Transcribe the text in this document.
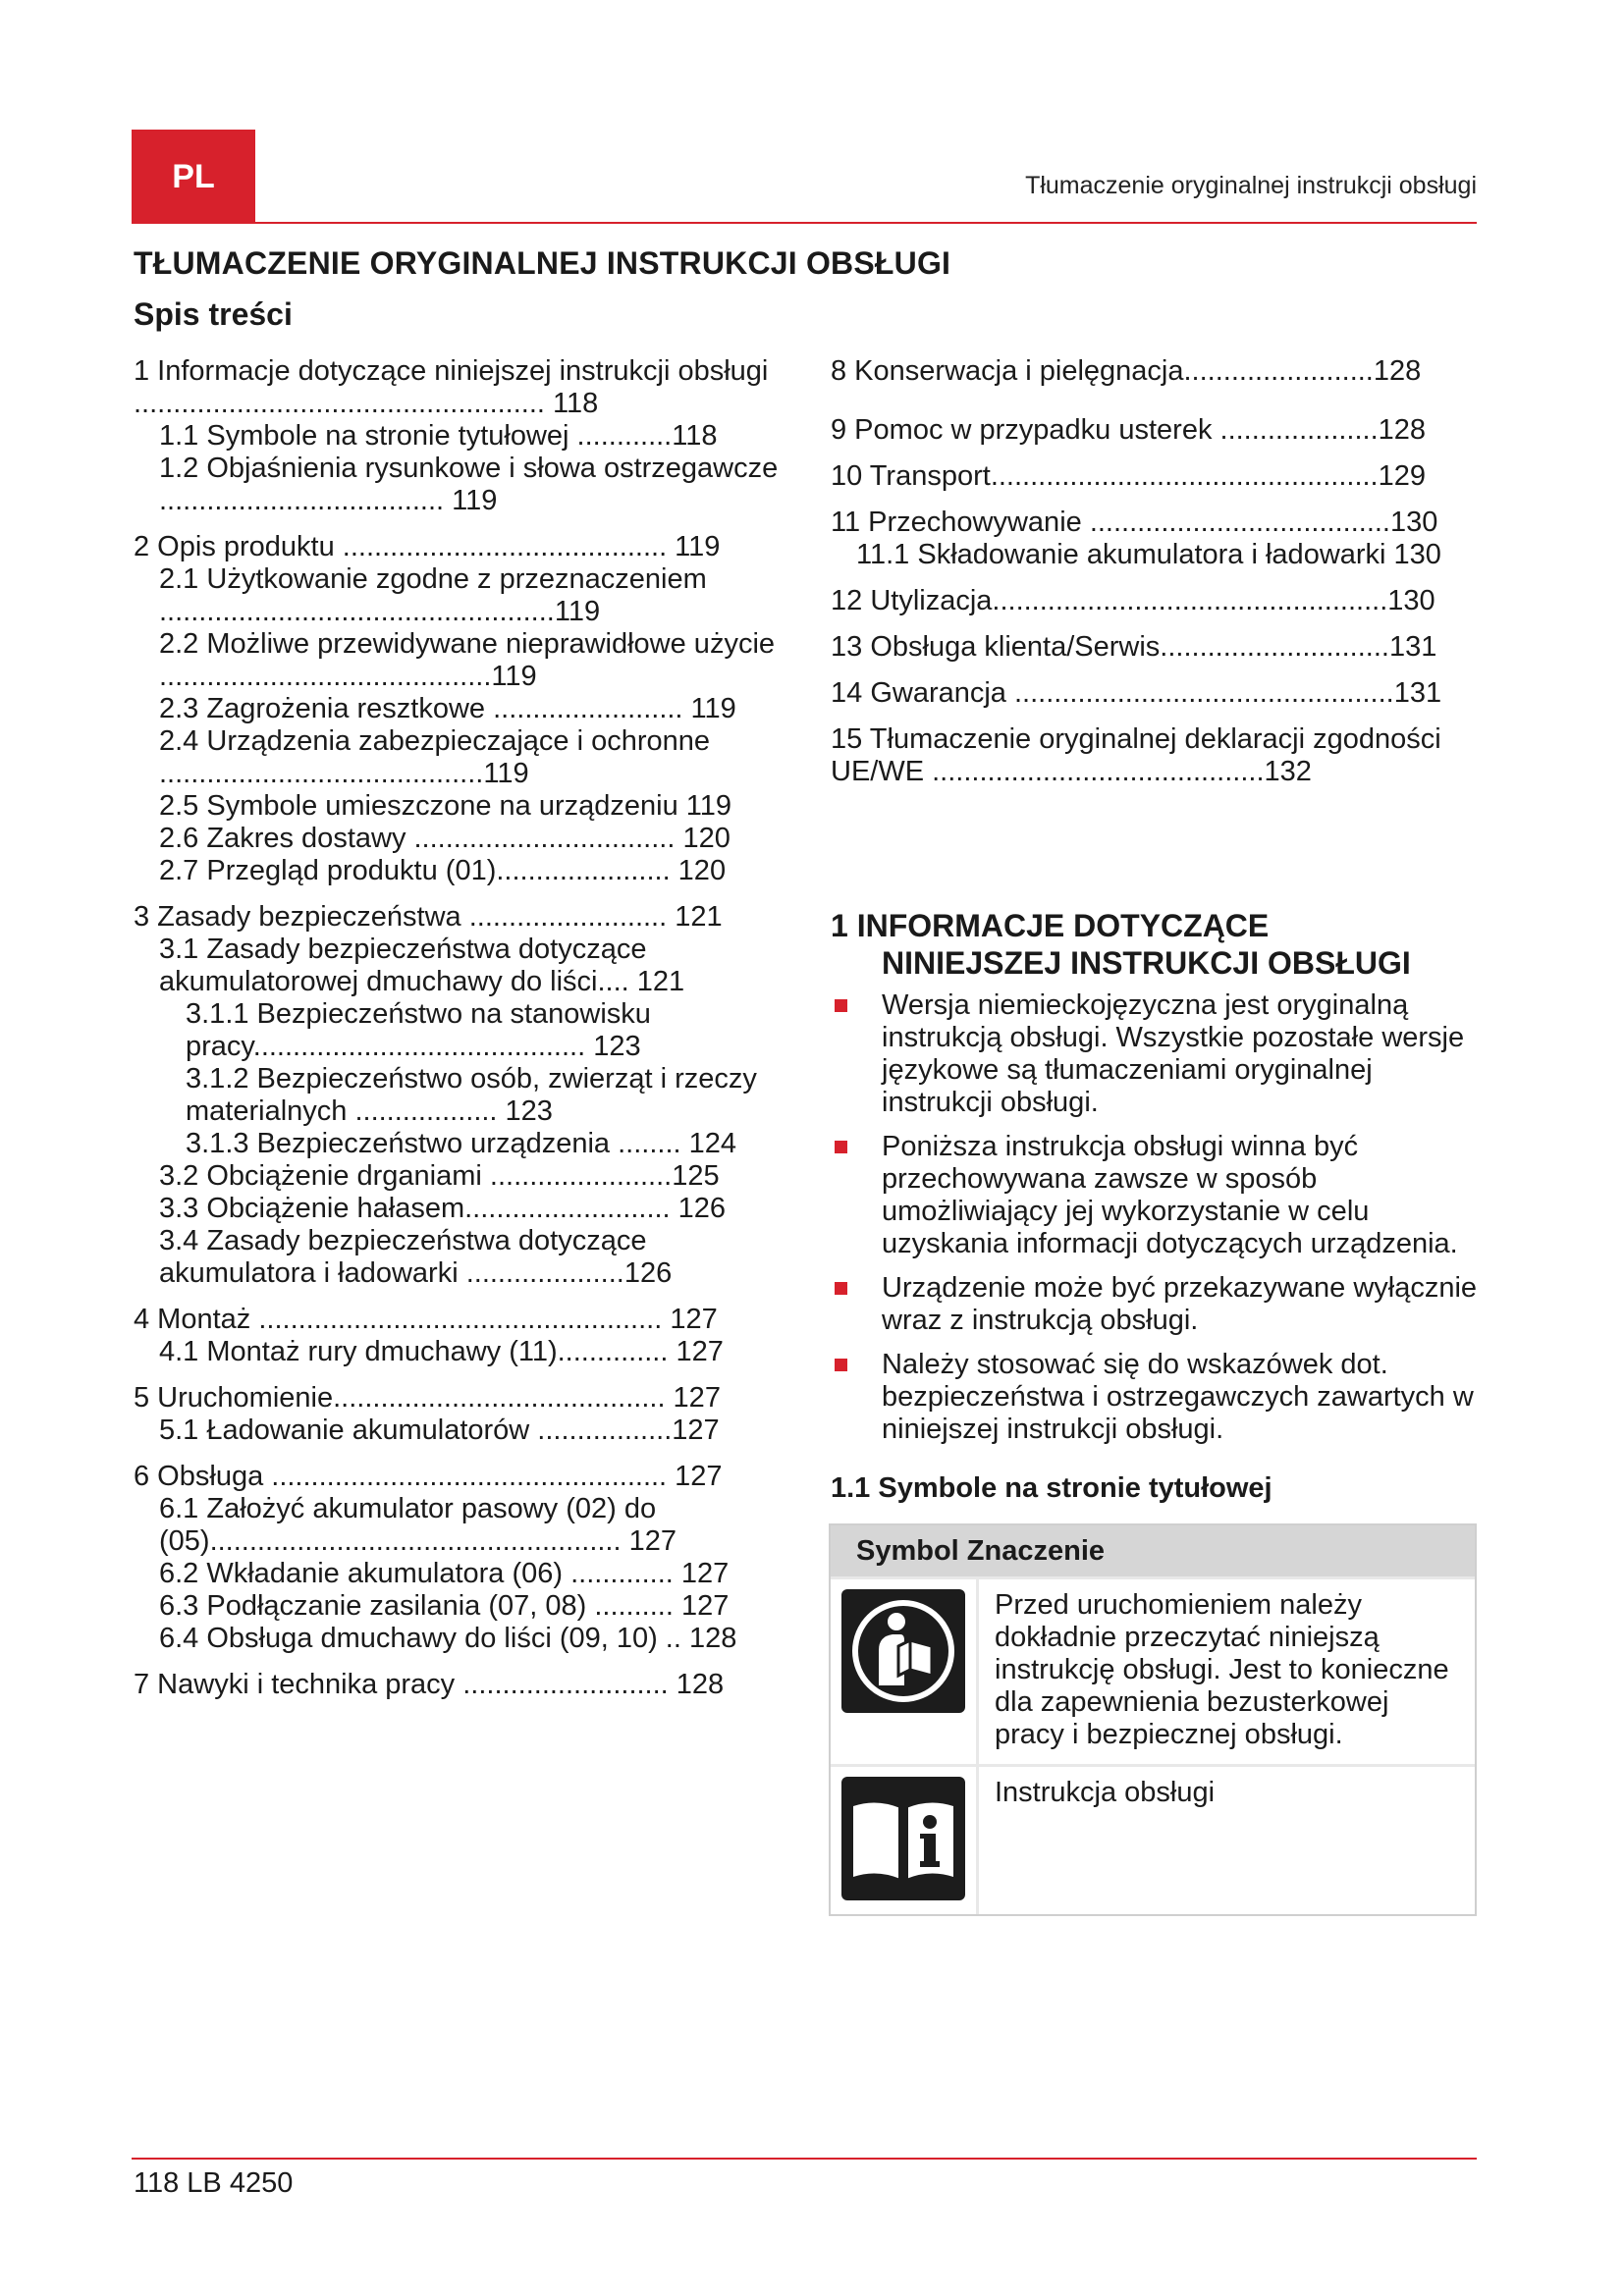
PL	Tłumaczenie oryginalnej instrukcji obsługi
TŁUMACZENIE ORYGINALNEJ INSTRUKCJI OBSŁUGI
Spis treści
1 Informacje dotyczące niniejszej instrukcji obsługi .................................................... 118
1.1 Symbole na stronie tytułowej ............118
1.2 Objaśnienia rysunkowe i słowa ostrzegawcze .................................... 119
2 Opis produktu ......................................... 119
2.1 Użytkowanie zgodne z przeznaczeniem ..................................................119
2.2 Możliwe przewidywane nieprawidłowe użycie ..........................................119
2.3 Zagrożenia resztkowe ........................ 119
2.4 Urządzenia zabezpieczające i ochronne .........................................119
2.5 Symbole umieszczone na urządzeniu 119
2.6 Zakres dostawy ................................. 120
2.7 Przegląd produktu (01)...................... 120
3 Zasady bezpieczeństwa ......................... 121
3.1 Zasady bezpieczeństwa dotyczące akumulatorowej dmuchawy do liści.... 121
3.1.1 Bezpieczeństwo na stanowisku pracy.......................................... 123
3.1.2 Bezpieczeństwo osób, zwierząt i rzeczy materialnych .................. 123
3.1.3 Bezpieczeństwo urządzenia ........ 124
3.2 Obciążenie drganiami .......................125
3.3 Obciążenie hałasem.......................... 126
3.4 Zasady bezpieczeństwa dotyczące akumulatora i ładowarki ....................126
4 Montaż ................................................... 127
4.1 Montaż rury dmuchawy (11).............. 127
5 Uruchomienie.......................................... 127
5.1 Ładowanie akumulatorów .................127
6 Obsługa .................................................. 127
6.1 Założyć akumulator pasowy (02) do (05).................................................... 127
6.2 Wkładanie akumulatora (06) ............. 127
6.3 Podłączanie zasilania (07, 08) .......... 127
6.4 Obsługa dmuchawy do liści (09, 10) .. 128
7 Nawyki i technika pracy .......................... 128
8 Konserwacja i pielęgnacja........................128
9 Pomoc w przypadku usterek ....................128
10 Transport.................................................129
11 Przechowywanie ......................................130
11.1 Składowanie akumulatora i ładowarki 130
12 Utylizacja..................................................130
13 Obsługa klienta/Serwis.............................131
14 Gwarancja ................................................131
15 Tłumaczenie oryginalnej deklaracji zgodności UE/WE ..........................................132
1 INFORMACJE DOTYCZĄCE
NINIEJSZEJ INSTRUKCJI OBSŁUGI
Wersja niemieckojęzyczna jest oryginalną instrukcją obsługi. Wszystkie pozostałe wersje językowe są tłumaczeniami oryginalnej instrukcji obsługi.
Poniższa instrukcja obsługi winna być przechowywana zawsze w sposób umożliwiający jej wykorzystanie w celu uzyskania informacji dotyczących urządzenia.
Urządzenie może być przekazywane wyłącznie wraz z instrukcją obsługi.
Należy stosować się do wskazówek dot. bezpieczeństwa i ostrzegawczych zawartych w niniejszej instrukcji obsługi.
1.1 Symbole na stronie tytułowej
Symbol Znaczenie
Przed uruchomieniem należy dokładnie przeczytać niniejszą instrukcję obsługi. Jest to konieczne dla zapewnienia bezusterkowej pracy i bezpiecznej obsługi.
Instrukcja obsługi
118 LB 4250
